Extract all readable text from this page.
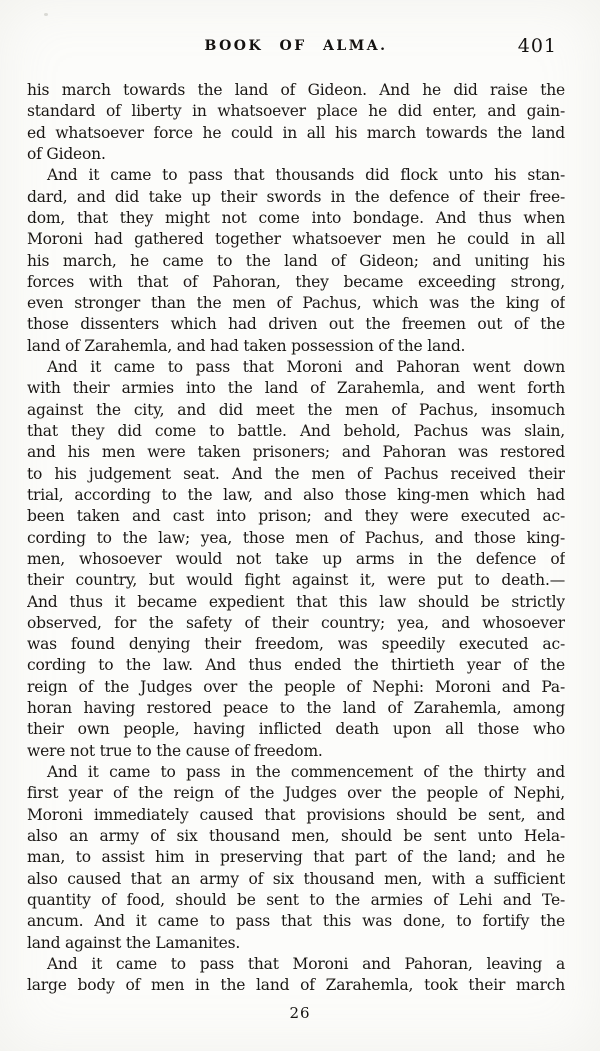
BOOK OF ALMA.	401
his march towards the land of Gideon. And he did raise the
standard of liberty in whatsoever place he did enter, and gain-
ed whatsoever force he could in all his march towards the land
of Gideon.
And it came to pass that thousands did flock unto his stan-
dard, and did take up their swords in the defence of their free-
dom, that they might not come into bondage. And thus when
Moroni had gathered together whatsoever men he could in all
his march, he came to the land of Gideon; and uniting his
forces with that of Pahoran, they became exceeding strong,
even stronger than the men of Pachus, which was the king of
those dissenters which had driven out the freemen out of the
land of Zarahemla, and had taken possession of the land.
And it came to pass that Moroni and Pahoran went down
with their armies into the land of Zarahemla, and went forth
against the city, and did meet the men of Pachus, insomuch
that they did come to battle. And behold, Pachus was slain,
and his men were taken prisoners; and Pahoran was restored
to his judgement seat. And the men of Pachus received their
trial, according to the law, and also those king-men which had
been taken and cast into prison; and they were executed ac-
cording to the law; yea, those men of Pachus, and those king-
men, whosoever would not take up arms in the defence of
their country, but would fight against it, were put to death.—
And thus it became expedient that this law should be strictly
observed, for the safety of their country; yea, and whosoever
was found denying their freedom, was speedily executed ac-
cording to the law. And thus ended the thirtieth year of the
reign of the Judges over the people of Nephi: Moroni and Pa-
horan having restored peace to the land of Zarahemla, among
their own people, having inflicted death upon all those who
were not true to the cause of freedom.
And it came to pass in the commencement of the thirty and
first year of the reign of the Judges over the people of Nephi,
Moroni immediately caused that provisions should be sent, and
also an army of six thousand men, should be sent unto Hela-
man, to assist him in preserving that part of the land; and he
also caused that an army of six thousand men, with a sufficient
quantity of food, should be sent to the armies of Lehi and Te-
ancum. And it came to pass that this was done, to fortify the
land against the Lamanites.
And it came to pass that Moroni and Pahoran, leaving a
large body of men in the land of Zarahemla, took their march
26
